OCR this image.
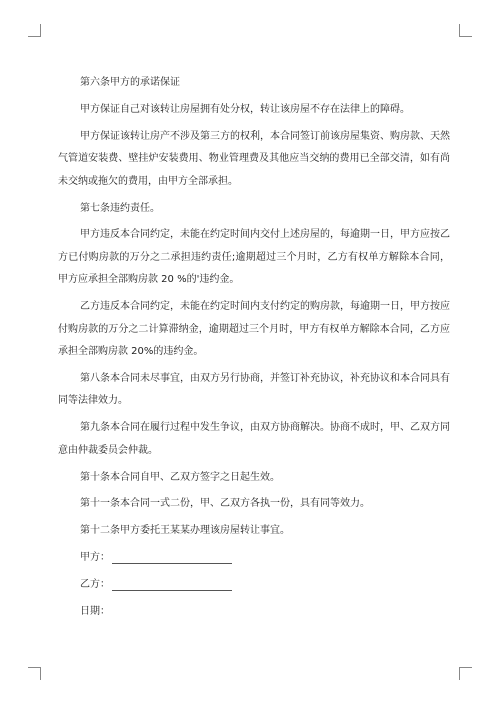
第六条甲方的承诺保证

甲方保证自己对该转让房屋拥有处分权，转让该房屋不存在法律上的障碍。

甲方保证该转让房产不涉及第三方的权利，本合同签订前该房屋集资、购房款、天然气管道安装费、壁挂炉安装费用、物业管理费及其他应当交纳的费用已全部交清，如有尚未交纳或拖欠的费用，由甲方全部承担。

第七条违约责任。

甲方违反本合同约定，未能在约定时间内交付上述房屋的，每逾期一日，甲方应按乙方已付购房款的万分之二承担违约责任;逾期超过三个月时，乙方有权单方解除本合同，甲方应承担全部购房款 20 %的'违约金。

乙方违反本合同约定，未能在约定时间内支付约定的购房款，每逾期一日，甲方按应付购房款的万分之二计算滞纳金，逾期超过三个月时，甲方有权单方解除本合同，乙方应承担全部购房款 20%的违约金。

第八条本合同未尽事宜，由双方另行协商，并签订补充协议，补充协议和本合同具有同等法律效力。

第九条本合同在履行过程中发生争议，由双方协商解决。协商不成时，甲、乙双方同意由仲裁委员会仲裁。

第十条本合同自甲、乙双方签字之日起生效。

第十一条本合同一式二份，甲、乙双方各执一份，具有同等效力。

第十二条甲方委托王某某办理该房屋转让事宜。

甲方：
乙方：
日期：
